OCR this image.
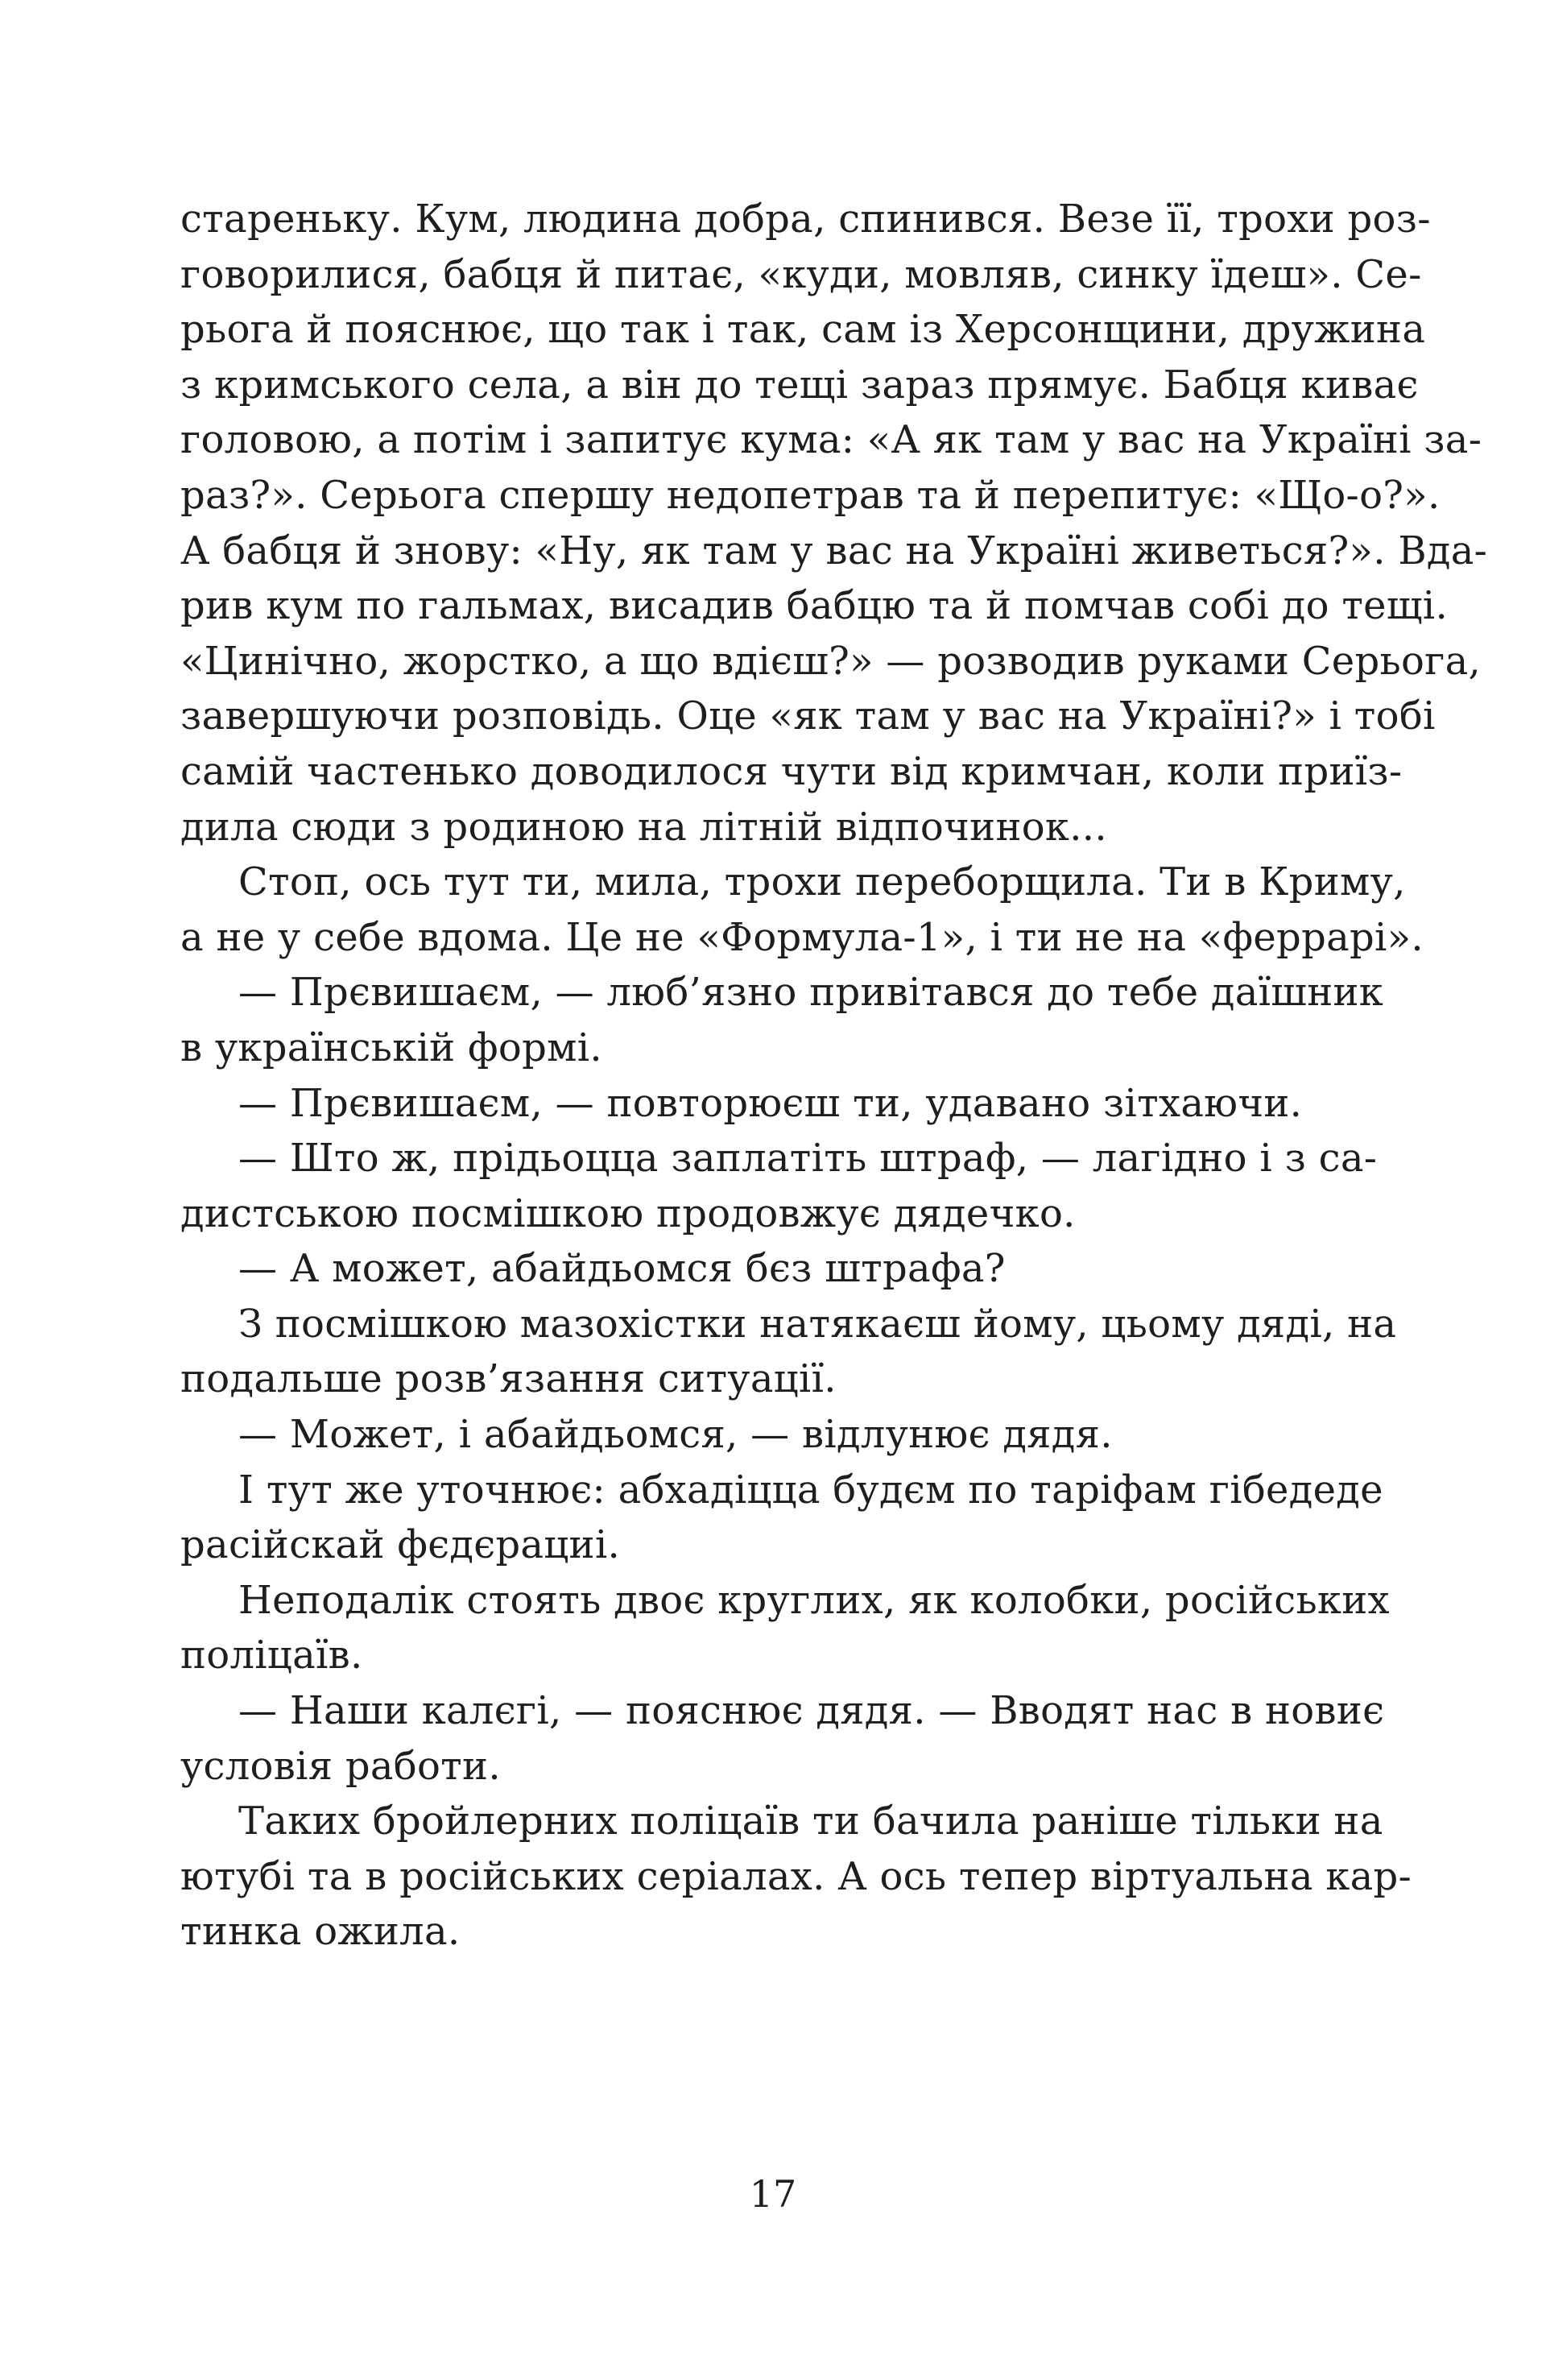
стареньку. Кум, людина добра, спинився. Везе її, трохи роз-
говорилися, бабця й питає, «куди, мовляв, синку їдеш». Се-
рьога й пояснює, що так і так, сам із Херсонщини, дружина
з кримського села, а він до тещі зараз прямує. Бабця киває
головою, а потім і запитує кума: «А як там у вас на Україні за-
раз?». Серьога спершу недопетрав та й перепитує: «Що-о?».
А бабця й знову: «Ну, як там у вас на Україні живеться?». Вда-
рив кум по гальмах, висадив бабцю та й помчав собі до тещі.
«Цинічно, жорстко, а що вдієш?» — розводив руками Серьога,
завершуючи розповідь. Оце «як там у вас на Україні?» і тобі
самій частенько доводилося чути від кримчан, коли приїз-
дила сюди з родиною на літній відпочинок...
Стоп, ось тут ти, мила, трохи переборщила. Ти в Криму,
а не у себе вдома. Це не «Формула-1», і ти не на «феррарі».
— Прєвишаєм, — люб’язно привітався до тебе даїшник
в українській формі.
— Прєвишаєм, — повторюєш ти, удавано зітхаючи.
— Што ж, прідьоцца заплатіть штраф, — лагідно і з са-
дистською посмішкою продовжує дядечко.
— А может, абайдьомся бєз штрафа?
З посмішкою мазохістки натякаєш йому, цьому дяді, на
подальше розв’язання ситуації.
— Может, і абайдьомся, — відлунює дядя.
І тут же уточнює: абхадіцца будєм по таріфам гібедеде
расійскай фєдєрациі.
Неподалік стоять двоє круглих, як колобки, російських
поліцаїв.
— Наши калєгі, — пояснює дядя. — Вводят нас в новиє
условія работи.
Таких бройлерних поліцаїв ти бачила раніше тільки на
ютубі та в російських серіалах. А ось тепер віртуальна кар-
тинка ожила.
17
